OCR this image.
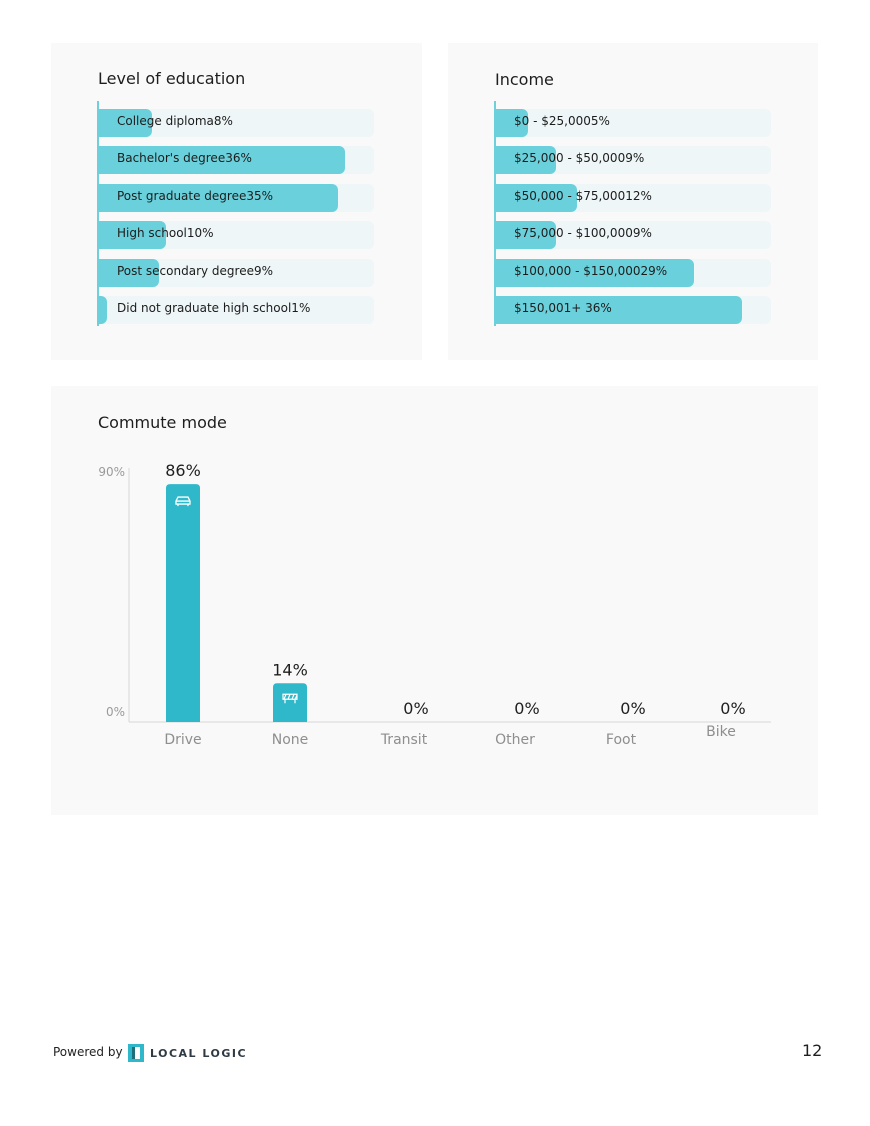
Level of education
College diploma8%
Bachelor's degree36%
Post graduate degree35%
High school10%
Post secondary degree9%
Did not graduate high school1%
Income
$0 - $25,0005%
$25,000 - $50,0009%
$50,000 - $75,00012%
$75,000 - $100,0009%
$100,000 - $150,00029%
$150,001+ 36%
90%
0%
86%
Drive
14%
None
0%
Transit
0%
Other
0%
Foot
0%
Bike
Commute mode
Powered by LOCAL LOGIC	12
